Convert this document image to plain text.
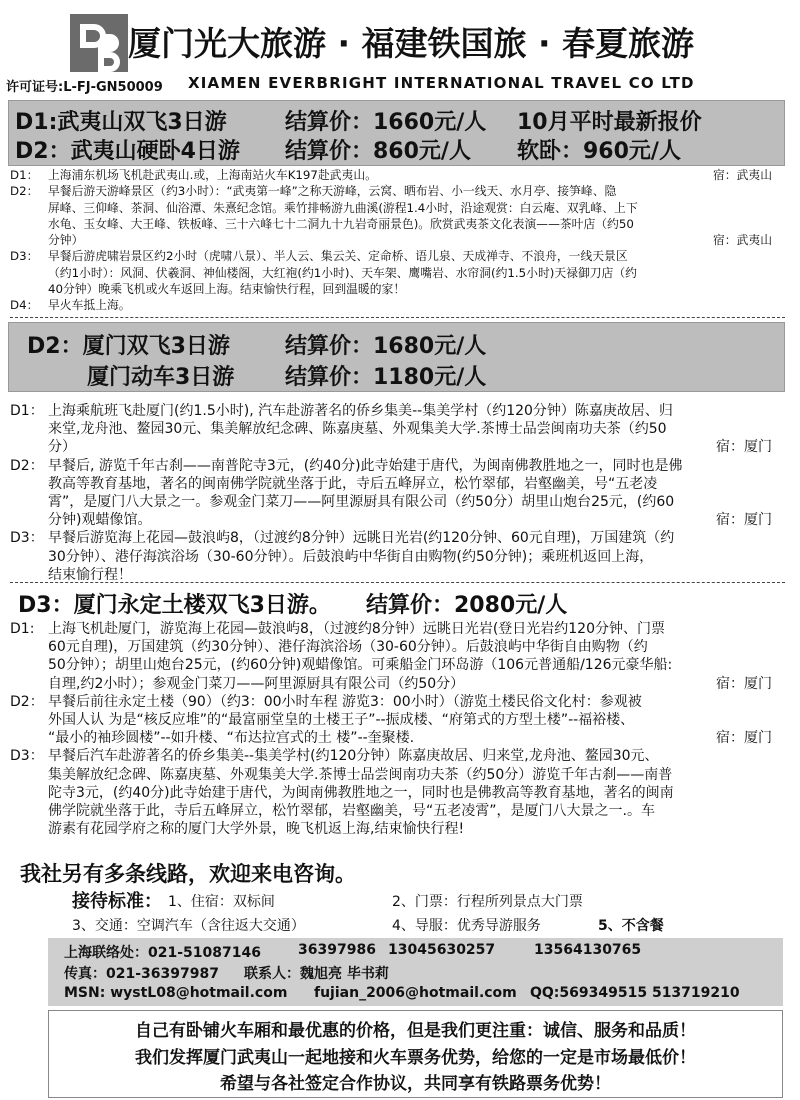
厦门光大旅游 · 福建铁国旅 · 春夏旅游
许可证号:L-FJ-GN50009 XIAMEN EVERBRIGHT INTERNATIONAL TRAVEL CO LTD
D1:武夷山双飞3日游	结算价：1660元/人 10月平时最新报价
D2：武夷山硬卧4日游 结算价：860元/人 软卧：960元/人
D1： 上海浦东机场飞机赴武夷山.或，上海南站火车K197赴武夷山。	宿：武夷山
D2： 早餐后游天游峰景区（约3小时）：“武夷第一峰”之称天游峰，云窝、晒布岩、小一线天、水月亭、接笋峰、隐
屏峰、三仰峰、茶洞、仙浴潭、朱熹纪念馆。乘竹排畅游九曲溪(游程1.4小时，沿途观赏：白云庵、双乳峰、上下
水龟、玉女峰、大王峰、铁板峰、三十六峰七十二洞九十九岩奇丽景色)。欣赏武夷茶文化表演——茶叶店（约50
分钟）	宿：武夷山
D3： 早餐后游虎啸岩景区约2小时（虎啸八景）、半人云、集云关、定命桥、语儿泉、天成禅寺、不浪舟，一线天景区
（约1小时）：风洞、伏羲洞、神仙楼阁，大红袍(约1小时)、天车架、鹰嘴岩、水帘洞(约1.5小时)天禄御刀店（约
40分钟）晚乘飞机或火车返回上海。结束愉快行程，回到温暖的家！
D4： 早火车抵上海。
D2：厦门双飞3日游	结算价：1680元/人
厦门动车3日游 结算价：1180元/人
D1： 上海乘航班飞赴厦门(约1.5小时), 汽车赴游著名的侨乡集美--集美学村（约120分钟）陈嘉庚故居、归
来堂,龙舟池、鳌园30元、集美解放纪念碑、陈嘉庚墓、外观集美大学.茶博士品尝闽南功夫茶（约50
分）	宿：厦门
D2： 早餐后, 游览千年古刹——南普陀寺3元，(约40分)此寺始建于唐代，为闽南佛教胜地之一，同时也是佛
教高等教育基地，著名的闽南佛学院就坐落于此，寺后五峰屏立，松竹翠郁，岩壑幽美，号“五老凌
霄”，是厦门八大景之一。参观金门菜刀——阿里源厨具有限公司（约50分）胡里山炮台25元，(约60
分钟)观蜡像馆。	宿：厦门
D3： 早餐后游览海上花园—鼓浪屿8，（过渡约8分钟）远眺日光岩(约120分钟、60元自理)，万国建筑（约
30分钟）、港仔海滨浴场（30-60分钟）。后鼓浪屿中华街自由购物(约50分钟)；乘班机返回上海，
结束愉行程！
D3：厦门永定土楼双飞3日游。 结算价：2080元/人
D1: 上海飞机赴厦门，游览海上花园—鼓浪屿8，（过渡约8分钟）远眺日光岩(登日光岩约120分钟、门票
60元自理)，万国建筑（约30分钟）、港仔海滨浴场（30-60分钟）。后鼓浪屿中华街自由购物（约
50分钟）；胡里山炮台25元，(约60分钟)观蜡像馆。可乘船金门环岛游（106元普通船/126元豪华船:
自理,约2小时）；参观金门菜刀——阿里源厨具有限公司（约50分）	宿：厦门
D2： 早餐后前往永定土楼（90）（约3：00小时车程 游览3：00小时）（游览土楼民俗文化村：参观被
外国人认 为是“核反应堆”的“最富丽堂皇的土楼王子”--振成楼、“府第式的方型土楼”--福裕楼、
“最小的袖珍圆楼”--如升楼、“布达拉宫式的土 楼”--奎聚楼.	宿：厦门
D3： 早餐后汽车赴游著名的侨乡集美--集美学村(约120分钟）陈嘉庚故居、归来堂,龙舟池、鳌园30元、
集美解放纪念碑、陈嘉庚墓、外观集美大学.茶博士品尝闽南功夫茶（约50分）游览千年古刹——南普
陀寺3元，(约40分)此寺始建于唐代，为闽南佛教胜地之一，同时也是佛教高等教育基地，著名的闽南
佛学院就坐落于此，寺后五峰屏立，松竹翠郁，岩壑幽美，号“五老凌霄”，是厦门八大景之一.。车
游素有花园学府之称的厦门大学外景，晚飞机返上海,结束愉快行程!
我社另有多条线路，欢迎来电咨询。
接待标准： 1、住宿：双标间	2、门票：行程所列景点大门票
3、交通：空调汽车（含往返大交通）	4、导服：优秀导游服务	5、不含餐
上海联络处：021-51087146	36397986 13045630257	13564130765
传真：021-36397987 联系人：魏旭亮 毕书莉
MSN: wystL08@hotmail.com fujian_2006@hotmail.com QQ:569349515 513719210
自己有卧铺火车厢和最优惠的价格，但是我们更注重：诚信、服务和品质！
我们发挥厦门武夷山一起地接和火车票务优势，给您的一定是市场最低价！
希望与各社签定合作协议，共同享有铁路票务优势！
